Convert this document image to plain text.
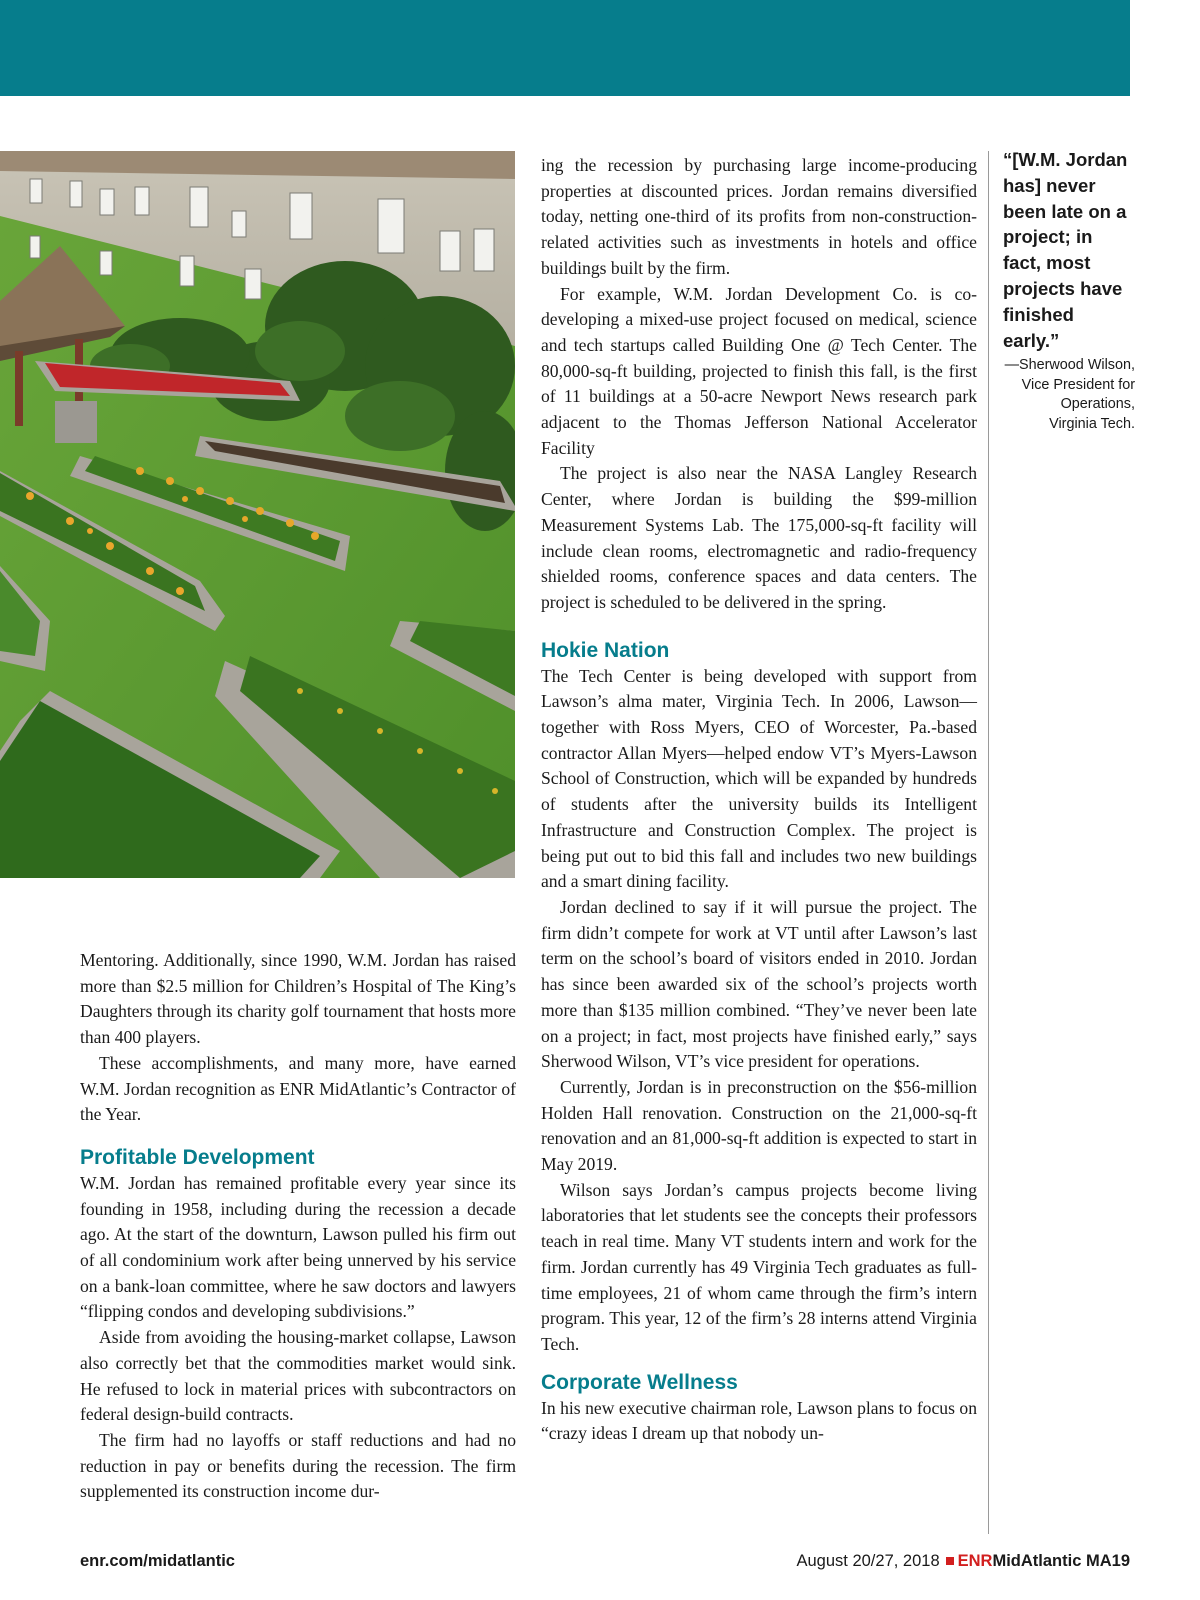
Mentoring. Additionally, since 1990, W.M. Jordan has raised more than $2.5 million for Children’s Hospital of The King’s Daughters through its charity golf tournament that hosts more than 400 players.

These accomplishments, and many more, have earned W.M. Jordan recognition as ENR MidAtlantic’s Contractor of the Year.

Profitable Development

W.M. Jordan has remained profitable every year since its founding in 1958, including during the recession a decade ago. At the start of the downturn, Lawson pulled his firm out of all condominium work after being unnerved by his service on a bank-loan committee, where he saw doctors and lawyers “flipping condos and developing subdivisions.”

Aside from avoiding the housing-market collapse, Lawson also correctly bet that the commodities market would sink. He refused to lock in material prices with subcontractors on federal design-build contracts.

The firm had no layoffs or staff reductions and had no reduction in pay or benefits during the recession. The firm supplemented its construction income dur-

ing the recession by purchasing large income-producing properties at discounted prices. Jordan remains diversified today, netting one-third of its profits from non-construction-related activities such as investments in hotels and office buildings built by the firm.

For example, W.M. Jordan Development Co. is co-developing a mixed-use project focused on medical, science and tech startups called Building One @ Tech Center. The 80,000-sq-ft building, projected to finish this fall, is the first of 11 buildings at a 50-acre Newport News research park adjacent to the Thomas Jefferson National Accelerator Facility

The project is also near the NASA Langley Research Center, where Jordan is building the $99-million Measurement Systems Lab. The 175,000-sq-ft facility will include clean rooms, electromagnetic and radio-frequency shielded rooms, conference spaces and data centers. The project is scheduled to be delivered in the spring.

Hokie Nation

The Tech Center is being developed with support from Lawson’s alma mater, Virginia Tech. In 2006, Lawson—together with Ross Myers, CEO of Worcester, Pa.-based contractor Allan Myers—helped endow VT’s Myers-Lawson School of Construction, which will be expanded by hundreds of students after the university builds its Intelligent Infrastructure and Construction Complex. The project is being put out to bid this fall and includes two new buildings and a smart dining facility.

Jordan declined to say if it will pursue the project. The firm didn’t compete for work at VT until after Lawson’s last term on the school’s board of visitors ended in 2010. Jordan has since been awarded six of the school’s projects worth more than $135 million combined. “They’ve never been late on a project; in fact, most projects have finished early,” says Sherwood Wilson, VT’s vice president for operations.

Currently, Jordan is in preconstruction on the $56-million Holden Hall renovation. Construction on the 21,000-sq-ft renovation and an 81,000-sq-ft addition is expected to start in May 2019.

Wilson says Jordan’s campus projects become living laboratories that let students see the concepts their professors teach in real time. Many VT students intern and work for the firm. Jordan currently has 49 Virginia Tech graduates as full-time employees, 21 of whom came through the firm’s intern program. This year, 12 of the firm’s 28 interns attend Virginia Tech.

Corporate Wellness

In his new executive chairman role, Lawson plans to focus on “crazy ideas I dream up that nobody un-

“[W.M. Jordan has] never been late on a project; in fact, most projects have finished early.”
—Sherwood Wilson,
Vice President for Operations,
Virginia Tech.
enr.com/midatlantic	August 20/27, 2018 ENRMidAtlantic MA19
